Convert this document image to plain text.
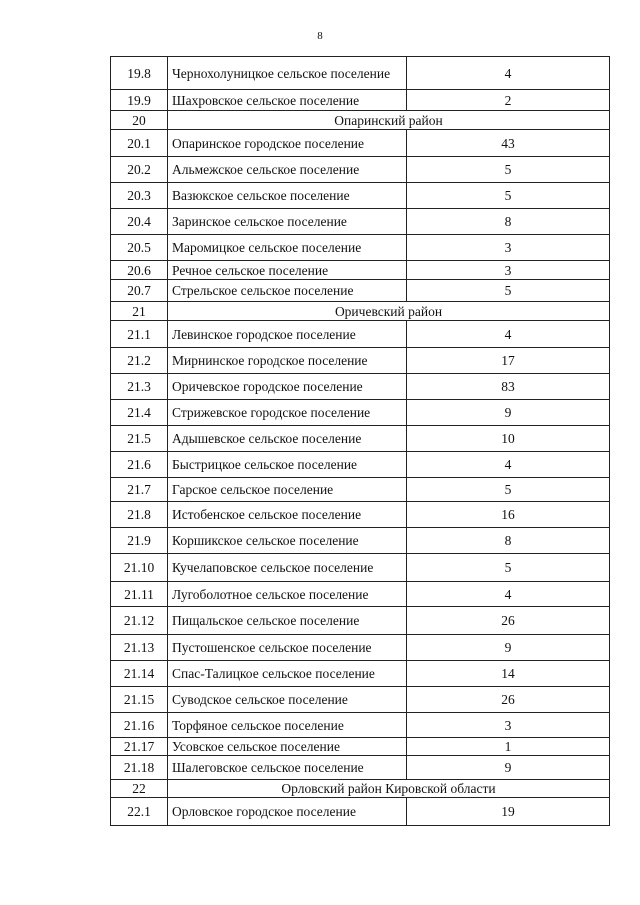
8
19.8	Чернохолуницкое сельское поселение	4
19.9	Шахровское сельское поселение	2
20	Опаринский район	
20.1	Опаринское городское поселение	43
20.2	Альмежское сельское поселение	5
20.3	Вазюкское сельское поселение	5
20.4	Заринское сельское поселение	8
20.5	Маромицкое сельское поселение	3
20.6	Речное сельское поселение	3
20.7	Стрельское сельское поселение	5
21	Оричевский район	
21.1	Левинское городское поселение	4
21.2	Мирнинское городское поселение	17
21.3	Оричевское городское поселение	83
21.4	Стрижевское городское поселение	9
21.5	Адышевское сельское поселение	10
21.6	Быстрицкое сельское поселение	4
21.7	Гарское сельское поселение	5
21.8	Истобенское сельское поселение	16
21.9	Коршикское сельское поселение	8
21.10	Кучелаповское сельское поселение	5
21.11	Лугоболотное сельское поселение	4
21.12	Пищальское сельское поселение	26
21.13	Пустошенское сельское поселение	9
21.14	Спас-Талицкое сельское поселение	14
21.15	Суводское сельское поселение	26
21.16	Торфяное сельское поселение	3
21.17	Усовское сельское поселение	1
21.18	Шалеговское сельское поселение	9
22	Орловский район Кировской области	
22.1	Орловское городское поселение	19
